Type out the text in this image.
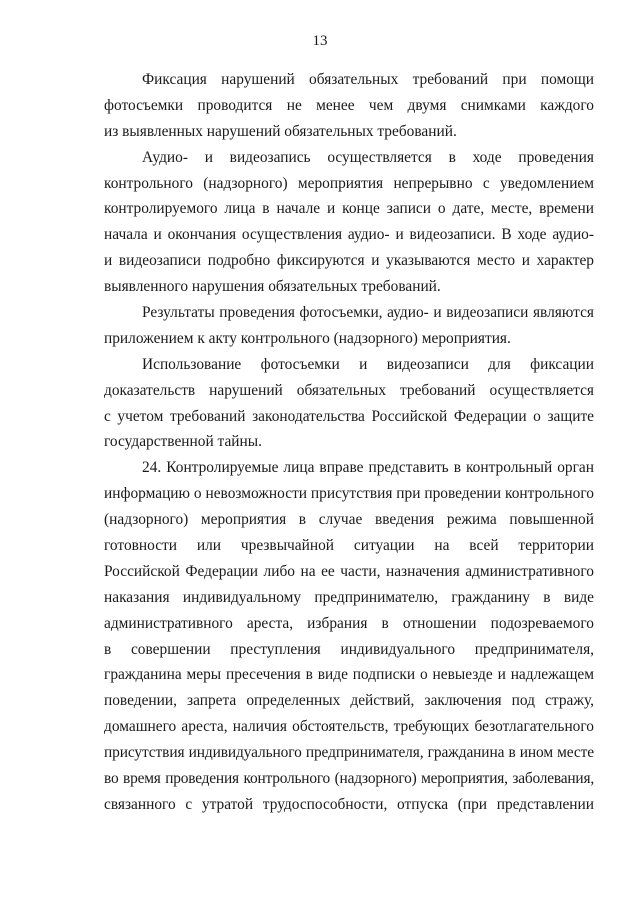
13
Фиксация нарушений обязательных требований при помощи
фотосъемки проводится не менее чем двумя снимками каждого
из выявленных нарушений обязательных требований.
Аудио- и видеозапись осуществляется в ходе проведения
контрольного (надзорного) мероприятия непрерывно с уведомлением
контролируемого лица в начале и конце записи о дате, месте, времени
начала и окончания осуществления аудио- и видеозаписи. В ходе аудио-
и видеозаписи подробно фиксируются и указываются место и характер
выявленного нарушения обязательных требований.
Результаты проведения фотосъемки, аудио- и видеозаписи являются
приложением к акту контрольного (надзорного) мероприятия.
Использование фотосъемки и видеозаписи для фиксации
доказательств нарушений обязательных требований осуществляется
с учетом требований законодательства Российской Федерации о защите
государственной тайны.
24. Контролируемые лица вправе представить в контрольный орган
информацию о невозможности присутствия при проведении контрольного
(надзорного) мероприятия в случае введения режима повышенной
готовности или чрезвычайной ситуации на всей территории
Российской Федерации либо на ее части, назначения административного
наказания индивидуальному предпринимателю, гражданину в виде
административного ареста, избрания в отношении подозреваемого
в совершении преступления индивидуального предпринимателя,
гражданина меры пресечения в виде подписки о невыезде и надлежащем
поведении, запрета определенных действий, заключения под стражу,
домашнего ареста, наличия обстоятельств, требующих безотлагательного
присутствия индивидуального предпринимателя, гражданина в ином месте
во время проведения контрольного (надзорного) мероприятия, заболевания,
связанного с утратой трудоспособности, отпуска (при представлении
